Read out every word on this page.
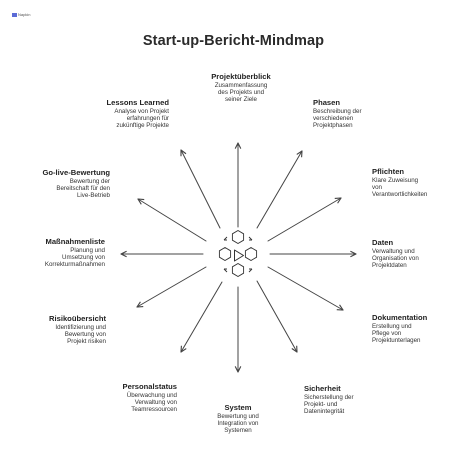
Napkin
Start-up-Bericht-Mindmap
Projektüberblick
Zusammenfassung
des Projekts und
seiner Ziele	Phasen
Beschreibung der
verschiedenen
Projektphasen
Pflichten
Klare Zuweisung
von
Verantwortlichkeiten
Daten
Verwaltung und
Organisation von
Projektdaten
Dokumentation
Erstellung und
Pflege von
Projektunterlagen
Sicherheit
Sicherstellung der
Projekt- und
Datenintegrität
System
Bewertung und
Integration von
Systemen
Personalstatus
Überwachung und
Verwaltung von
Teamressourcen
Risikoübersicht
Identifizierung und
Bewertung von
Projekt risiken
Maßnahmenliste
Planung und
Umsetzung von
Korrekturmaßnahmen
Go-live-Bewertung
Bewertung der
Bereitschaft für den
Live-Betrieb
Lessons Learned
Analyse von Projekt
erfahrungen für
zukünftige Projekte
